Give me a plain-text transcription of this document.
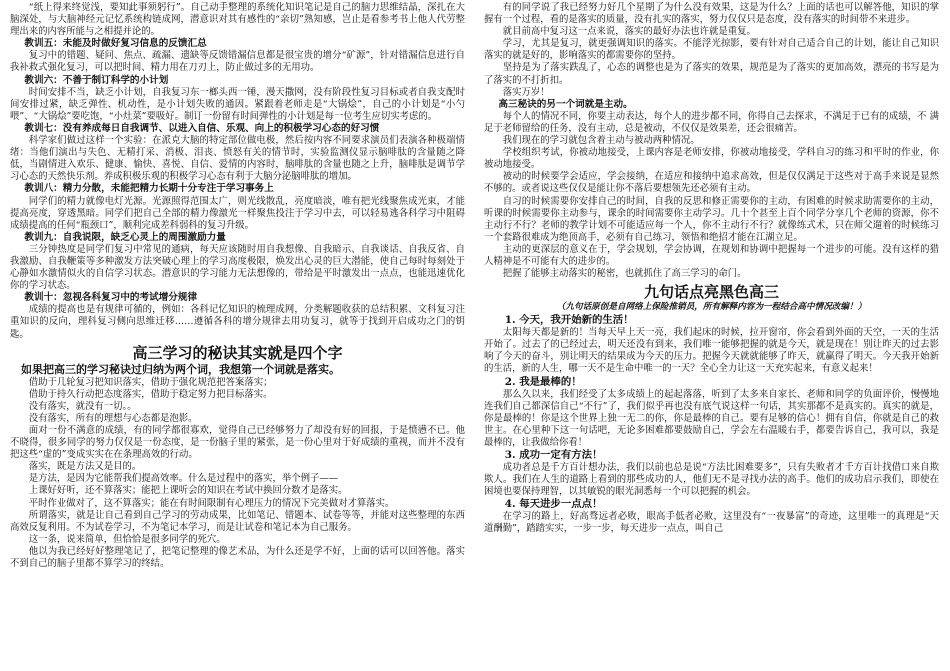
“纸上得来终觉浅，要知此事须躬行”。自己动手整理的系统化知识笔记是自己的脑力思维结晶，深扎在大脑深处，与大脑神经元记忆系统构链成网，潜意识对其有感性的“亲切”熟知感，岂止是看参考书上他人代劳整理出来的内容所能与之相提并论的。

教训五：未能及时做好复习信息的反馈汇总

复习中的错题、疑问、焦点、疏漏、遗缺等反馈错漏信息都是很宝贵的增分“矿源”，针对错漏信息进行自我补救式强化复习，可以把时间、精力用在刀刃上，防止做过多的无用功。

教训六：不善于制订科学的小计划

时间安排不当，缺乏小计划，自我复习东一榔头西一锤，漫天撒网，没有阶段性复习目标或者自我支配时间安排过紧，缺乏弹性、机动性，是小计划失败的通因。紧跟着老师走是“大锅烩”，自己的小计划是“小勺喂”、“大锅烩”要吃饱，“小灶菜”要吸好。制订一份留有时间弹性的小计划是每一位考生应切实考虑的。

教训七：没有养成每日自我调节、以进入自信、乐观、向上的积极学习心态的好习惯

科学家们做过这样一个实验：在派克大脑的特定部位做电极，然后按内容不同要求演员们表演各种极端情绪：当他们演出与失色、无精打采、消极、泪丧、愤怒有关的情节时，实验监测仪显示脑啡肽的含量随之降低，当剧情进入欢乐、健康、愉快、喜悦、自信、爱情的内容时，脑啡肽的含量也随之上升，脑啡肽是调节学习心态的天然快乐剂。养成积极乐观的积极学习心态有利于大脑分泌脑啡肽的增加。

教训八：精力分散，未能把精力长期十分专注于学习事务上

同学们的精力就像电灯光源。光源照得范围太广，则光线散乱，亮度暗淡，唯有把光线聚焦成光束，才能提高亮度，穿透黑暗。同学们把自己全部的精力像激光一样聚焦投注于学习中去，可以轻易逃各科学习中阻碍成绩提高的任何“瓶颈口”，顺利完成差科弱科的复习升级。

教训九：自我说限，缺乏心灵上的周围激励力量

三分钟热度是同学们复习中常见的通病，每天应该随时用自我想像、自我暗示、自我谈话、自我反省、自我激励、自我鞭策等多种激发方法突破心理上的学习高度极限，焕发出心灵的巨大潜能，使自己每时每刻处于心静如水激情似火的自信学习状态。潜意识的学习能力无法想像的，带给是平时激发出一点点，也能迅速优化你的学习状态。

教训十：忽视各科复习中的考试增分规律

成绩的提高也是有规律可循的，例如：各科记忆知识的梳理成网，分类解题收获的总结积累、文科复习注重知识的反向，理科复习侧向思维迁移……遵循各科的增分规律去用功复习，就等于找到开启成功之门的钥匙。

高三学习的秘诀其实就是四个字

如果把高三的学习秘诀过归纳为两个词，我想第一个词就是落实。

借助于几轮复习把知识落实，借助于强化规范把答案落实；

借助于持久行动把态度落实，借助于稳定努力把目标落实。

没有落实，就没有一切。。

没有落实，所有的理想与心态都是泡影。

面对一份不满意的成绩，有的同学都很寡欢，觉得自己已经够努力了却没有好的回报，于是愤懑不已。他不晓得，很多同学的努力仅仅是一份态度，是一份脑子里的紧张，是一份心里对于好成绩的重视，而并不没有把这些“虚的”变成实实在在条理高效的行动。

落实，既是方法又是目的。

是方法，是因为它能帮我们提高效率。什么是过程中的落实，举个例子——

上课好好听，还不算落实；能把上课听会的知识在考试中换回分数才是落实。

平时作业做对了，这不算落实；能在有时间限制有心理压力的情况下完美做对才算落实。

所谓落实，就是让自己看到自己学习的劳动成果，比如笔记、错题本、试卷等等，并能对这些整理的东西高效反复利用。不为试卷学习，不为笔记本学习，而是让试卷和笔记本为自己服务。

这一条，说来简单，但恰恰是很多同学的死穴。

他以为我已经好好整理笔记了，把笔记整理的像艺术品，为什么还是学不好，上面的话可以回答他。落实不到自己的脑子里都不算学习的终结。

有的同学说了我已经努力好几个星期了为什么没有效果，这是为什么？上面的话也可以解答他，知识的掌握有一个过程，看的是落实的质量，没有扎实的落实，努力仅仅只是态度，没有落实的时间带不来进步。

就目前高中复习这一点来说，落实的最好办法也许就是重复。

学习，尤其是复习，就更强调知识的落实。不能浮光掠影，要有针对自己适合自己的计划，能让自己知识落实的就是好的，影响落实的都需要你的坚持。

坚持是为了落实跌乱了，心态的调整也是为了落实的效果，规范是为了落实的更加高效，漂亮的书写是为了落实的不打折扣。

落实万岁！

高三秘诀的另一个词就是主动。

每个人的情况不同，你要主动表达，每个人的进步都不同，你得自己去探求，不满足于已有的成绩，不 满足于老师留给的任务，没有主动，总是被动，不仅仅是效果差，还会很痛苦。

我们现在的学习就包含着主动与被动两种情况。

学校组织考试，你被动地接受，上课内容是老师安排，你被动地接受，学科自习的练习和平时的作业，你被动地接受。

被动的时候要学会适应，学会接纳，在适应和接纳中追求高效，但是仅仅满足于这些对于高手来说是显然不够的。或者说这些仅仅是能让你不落后要想领先还必须有主动。

自习的时候需要你安排自己的时间，自我的反思和修正需要你的主动，有困难的时候求助需要你的主动，听课的时候需要你主动参与，课余的时间需要你主动学习。几十个甚至上百个同学分享几个老师的资源，你不主动行不行？老师的教学计划不可能适应每一个人，你不主动行不行？就像练式术，只在师父遛着的时候练习一个套路很难成为绝顶高手，必须有自己练习，领悟和绝招才能在江湖立足。

主动的更深层的意义在于，学会规划，学会协调，在规划和协调中把握每一个进步的可能。没有这样的猎人精神是不可能有大的进步的。

把握了能够主动落实的秘密，也就抓住了高三学习的命门。

九句话点亮黑色高三

（九句话原创是自网络上保险推销员，所有解释内容为一程结合高中情况改编！）

1. 今天，我开始新的生活！

太阳每天都是新的！当每天早上天一亮，我们起床的时候，拉开窗帘，你会看到外面的天空，一天的生活开始了。过去了的已经过去，明天还没有到来，我们唯一能够把握的就是今天，就是现在！别让昨天的过去影响了今天的奋斗，别让明天的结果成为今天的压力。把握今天就就能够了昨天，就赢得了明天。今天我开始新的生活，新的人生，哪一天不是生命中唯一的一天？全心全力让这一天充实起来，有意义起来！

2. 我是最棒的！

那么久以来，我们经受了太多成绩上的起起落落，听到了太多来自家长、老师和同学的负面评价，慢慢地连我们自己都深信自己“不行”了，我们似乎再也没有底气说这样一句话，其实那都不是真实的。真实的就是，你是最棒的！你是这个世界上独一无二的你，你是最棒的自己。要有足够的信心！拥有自信，你就是自己的救世主。在心里种下这一句话吧，无论多困难都要鼓励自己，学会左右温暖右手，都要告诉自己，我可以，我是最棒的，让我做给你看！

3. 成功一定有方法！

成功者总是千方百计想办法，我们以前也总是说“方法比困难要多”，只有失败者才千方百计找借口来自欺欺人。我们在人生的道路上看到的那些成功的人，他们无不是寻找办法的高手。他们的成功启示我们，即使在困境也要保持理智，以其敏锐的眼光洞悉每一个可以把握的机会。

4. 每天进步一点点！

在学习的路上，好高骛远者必败，眼高手低者必败，这里没有“一夜暴富”的奇迹，这里唯一的真理是“天道酬勤”，踏踏实实，一步一步，每天进步一点点，叫自己
